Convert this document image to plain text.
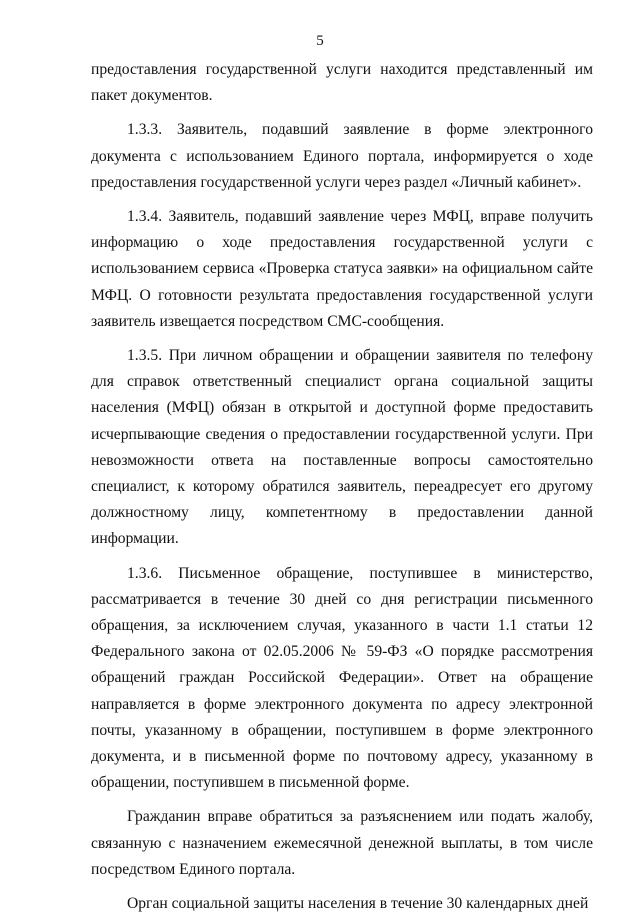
5

предоставления государственной услуги находится представленный им пакет документов.

1.3.3. Заявитель, подавший заявление в форме электронного документа с использованием Единого портала, информируется о ходе предоставления государственной услуги через раздел «Личный кабинет».

1.3.4. Заявитель, подавший заявление через МФЦ, вправе получить информацию о ходе предоставления государственной услуги с использованием сервиса «Проверка статуса заявки» на официальном сайте МФЦ. О готовности результата предоставления государственной услуги заявитель извещается посредством СМС-сообщения.

1.3.5. При личном обращении и обращении заявителя по телефону для справок ответственный специалист органа социальной защиты населения (МФЦ) обязан в открытой и доступной форме предоставить исчерпывающие сведения о предоставлении государственной услуги. При невозможности ответа на поставленные вопросы самостоятельно специалист, к которому обратился заявитель, переадресует его другому должностному лицу, компетентному в предоставлении данной информации.

1.3.6. Письменное обращение, поступившее в министерство, рассматривается в течение 30 дней со дня регистрации письменного обращения, за исключением случая, указанного в части 1.1 статьи 12 Федерального закона от 02.05.2006 № 59-ФЗ «О порядке рассмотрения обращений граждан Российской Федерации». Ответ на обращение направляется в форме электронного документа по адресу электронной почты, указанному в обращении, поступившем в форме электронного документа, и в письменной форме по почтовому адресу, указанному в обращении, поступившем в письменной форме.

Гражданин вправе обратиться за разъяснением или подать жалобу, связанную с назначением ежемесячной денежной выплаты, в том числе посредством Единого портала.

Орган социальной защиты населения в течение 30 календарных дней
